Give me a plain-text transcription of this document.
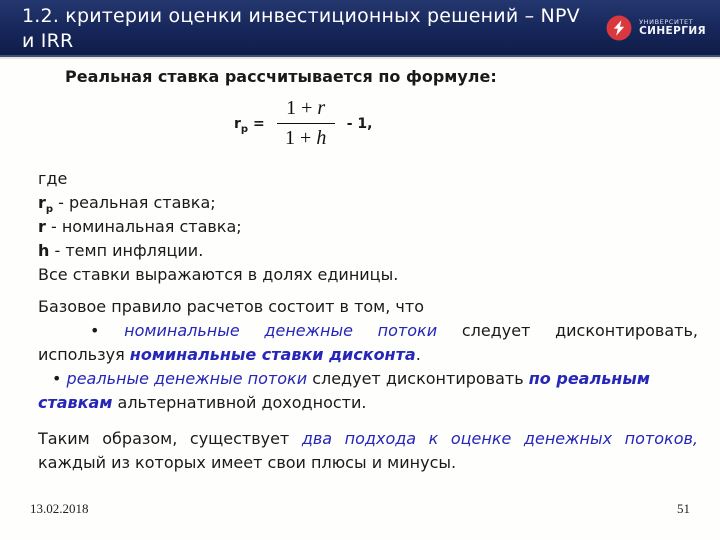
1.2. критерии оценки инвестиционных решений – NPV
и IRR
УНИВЕРСИТЕТ
СИНЕРГИЯ
Реальная ставка рассчитывается по формуле:
$r_p = \frac{1 + r}{1 + h} - 1$,
где
$r_p$ - реальная ставка;
r - номинальная ставка;
h - темп инфляции.
Все ставки выражаются в долях единицы.
Базовое правило расчетов состоит в том, что
• номинальные денежные потоки следует дисконтировать,
используя номинальные ставки дисконта.
• реальные денежные потоки следует дисконтировать по реальным
ставкам альтернативной доходности.
Таким образом, существует два подхода к оценке денежных потоков,
каждый из которых имеет свои плюсы и минусы.
13.02.2018	51
